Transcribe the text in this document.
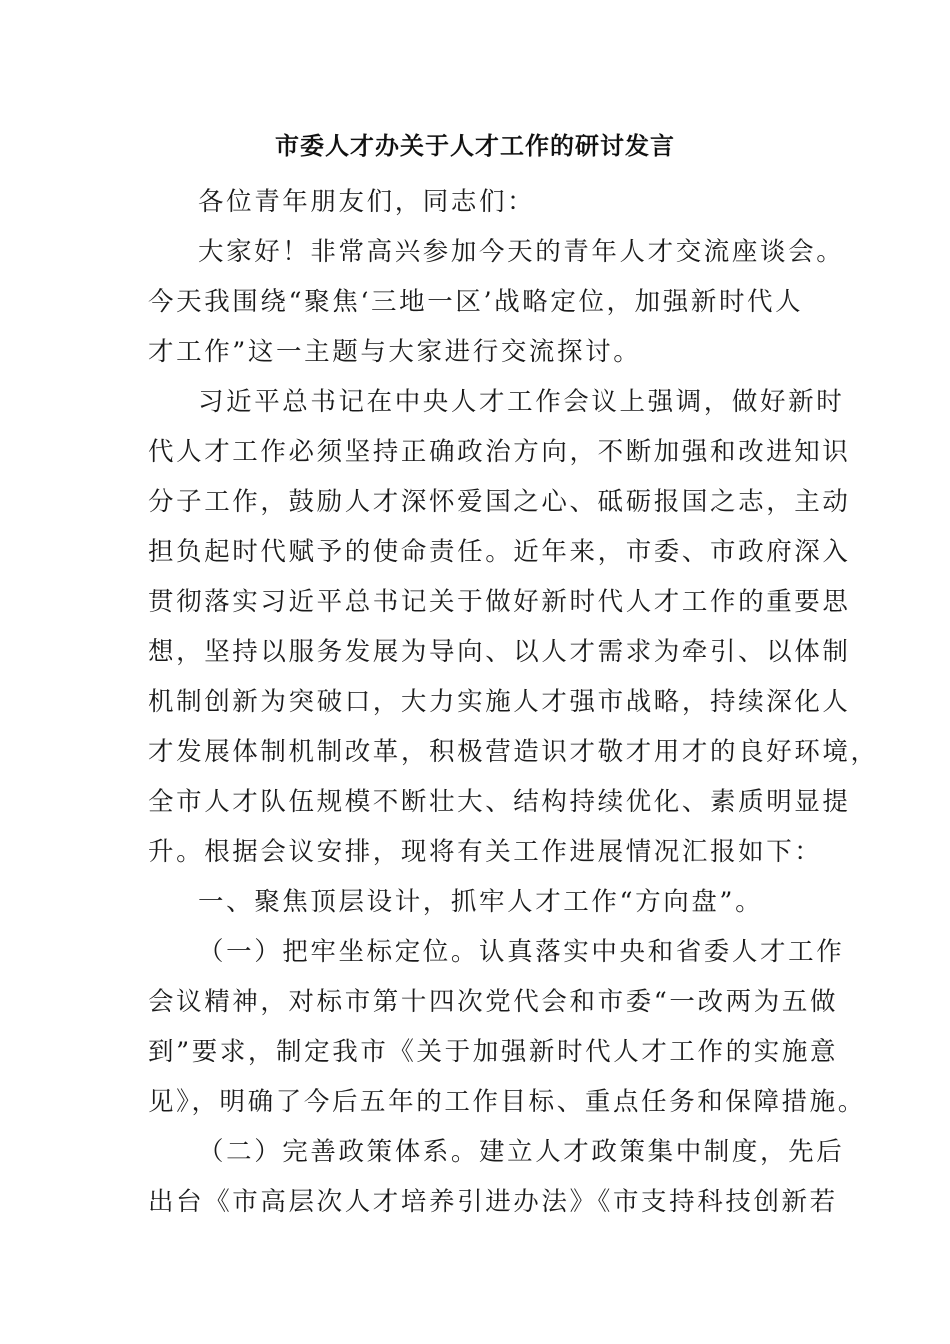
市委人才办关于人才工作的研讨发言
各位青年朋友们，同志们：
大家好！非常高兴参加今天的青年人才交流座谈会。
今天我围绕“聚焦‘三地一区’战略定位，加强新时代人
才工作”这一主题与大家进行交流探讨。
习近平总书记在中央人才工作会议上强调，做好新时
代人才工作必须坚持正确政治方向，不断加强和改进知识
分子工作，鼓励人才深怀爱国之心、砥砺报国之志，主动
担负起时代赋予的使命责任。近年来，市委、市政府深入
贯彻落实习近平总书记关于做好新时代人才工作的重要思
想，坚持以服务发展为导向、以人才需求为牵引、以体制
机制创新为突破口，大力实施人才强市战略，持续深化人
才发展体制机制改革，积极营造识才敬才用才的良好环境，
全市人才队伍规模不断壮大、结构持续优化、素质明显提
升。根据会议安排，现将有关工作进展情况汇报如下：
一、聚焦顶层设计，抓牢人才工作“方向盘”。
（一）把牢坐标定位。认真落实中央和省委人才工作
会议精神，对标市第十四次党代会和市委“一改两为五做
到”要求，制定我市《关于加强新时代人才工作的实施意
见》，明确了今后五年的工作目标、重点任务和保障措施。
（二）完善政策体系。建立人才政策集中制度，先后
出台《市高层次人才培养引进办法》《市支持科技创新若
